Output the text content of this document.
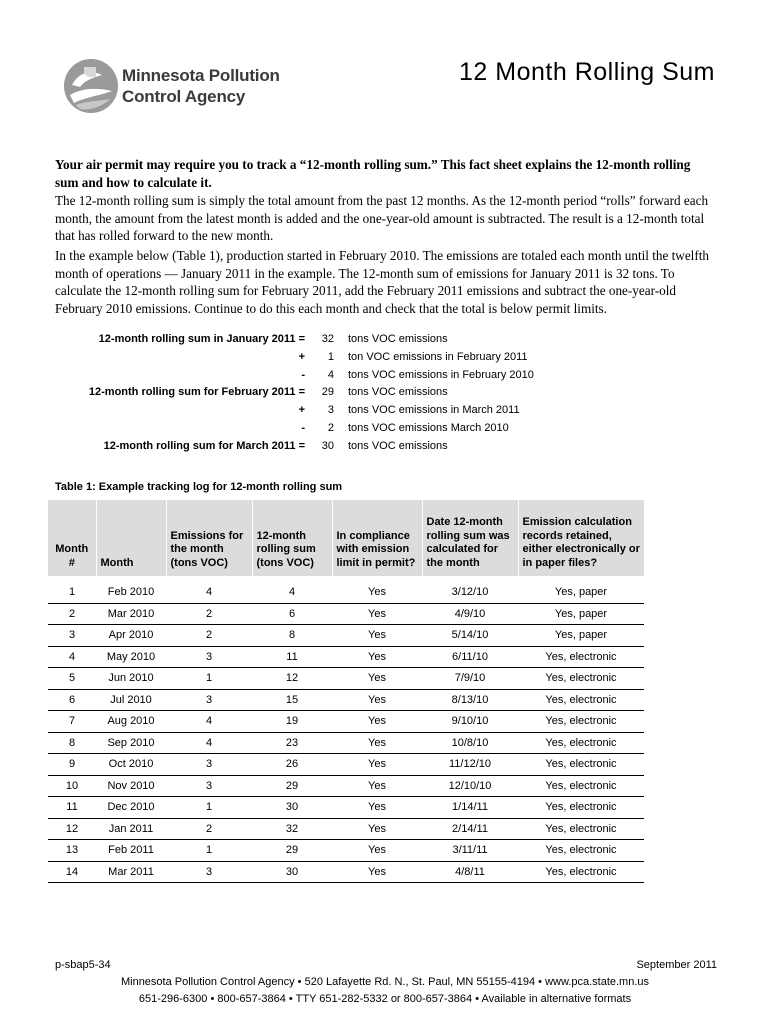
Minnesota Pollution
Control Agency
12 Month Rolling Sum
Your air permit may require you to track a “12-month rolling sum.” This fact sheet explains the 12-month rolling sum and how to calculate it.
The 12-month rolling sum is simply the total amount from the past 12 months. As the 12-month period “rolls” forward each month, the amount from the latest month is added and the one-year-old amount is subtracted. The result is a 12-month total that has rolled forward to the new month.
In the example below (Table 1), production started in February 2010. The emissions are totaled each month until the twelfth month of operations — January 2011 in the example. The 12-month sum of emissions for January 2011 is 32 tons. To calculate the 12-month rolling sum for February 2011, add the February 2011 emissions and subtract the one-year-old February 2010 emissions. Continue to do this each month and check that the total is below permit limits.
12-month rolling sum in January 2011 =	32 tons VOC emissions
+	1 ton VOC emissions in February 2011
-	4 tons VOC emissions in February 2010
12-month rolling sum for February 2011 =	29 tons VOC emissions
+	3 tons VOC emissions in March 2011
-	2 tons VOC emissions March 2010
12-month rolling sum for March 2011 =	30 tons VOC emissions
Table 1: Example tracking log for 12-month rolling sum
Month #	Month	Emissions for the month (tons VOC)	12-month rolling sum (tons VOC)	In compliance with emission limit in permit?	Date 12-month rolling sum was calculated for the month	Emission calculation records retained, either electronically or in paper files?
1	Feb 2010	4	4	Yes	3/12/10	Yes, paper
2	Mar 2010	2	6	Yes	4/9/10	Yes, paper
3	Apr 2010	2	8	Yes	5/14/10	Yes, paper
4	May 2010	3	11	Yes	6/11/10	Yes, electronic
5	Jun 2010	1	12	Yes	7/9/10	Yes, electronic
6	Jul 2010	3	15	Yes	8/13/10	Yes, electronic
7	Aug 2010	4	19	Yes	9/10/10	Yes, electronic
8	Sep 2010	4	23	Yes	10/8/10	Yes, electronic
9	Oct 2010	3	26	Yes	11/12/10	Yes, electronic
10	Nov 2010	3	29	Yes	12/10/10	Yes, electronic
11	Dec 2010	1	30	Yes	1/14/11	Yes, electronic
12	Jan 2011	2	32	Yes	2/14/11	Yes, electronic
13	Feb 2011	1	29	Yes	3/11/11	Yes, electronic
14	Mar 2011	3	30	Yes	4/8/11	Yes, electronic
p-sbap5-34	September 2011
Minnesota Pollution Control Agency • 520 Lafayette Rd. N., St. Paul, MN 55155-4194 • www.pca.state.mn.us
651-296-6300 • 800-657-3864 • TTY 651-282-5332 or 800-657-3864 • Available in alternative formats
